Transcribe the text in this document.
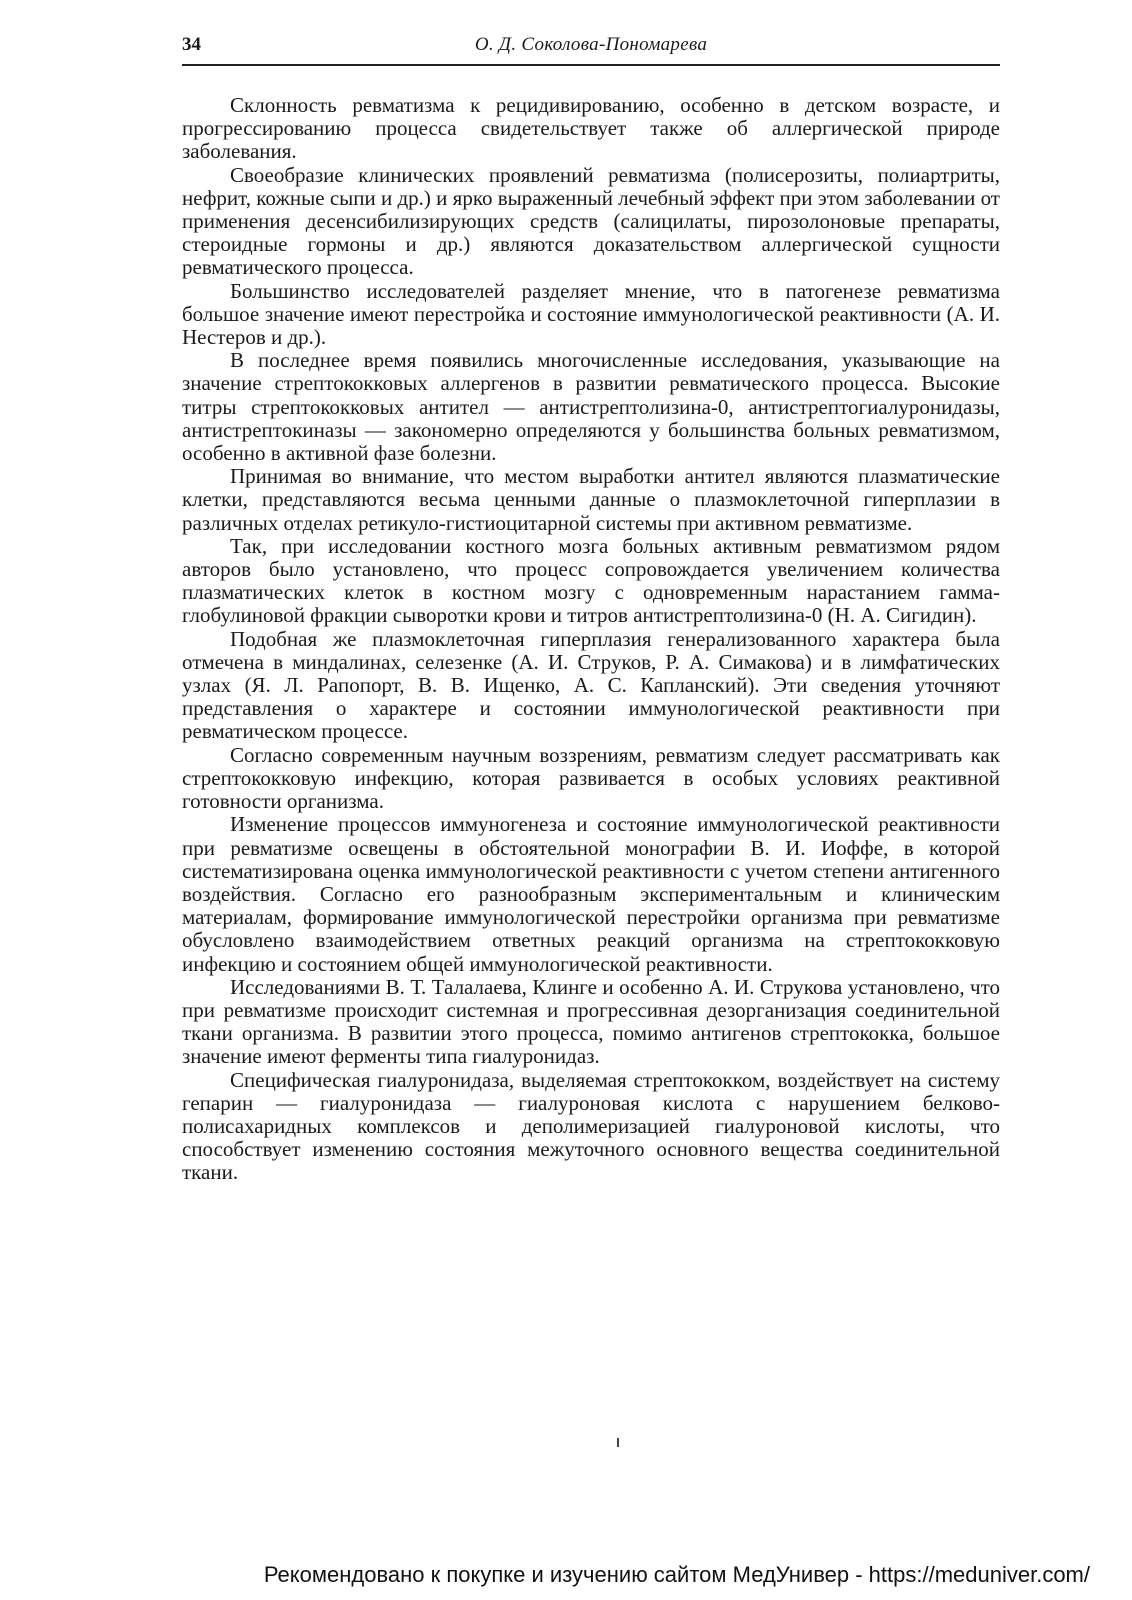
34	О. Д. Соколова-Пономарева

Склонность ревматизма к рецидивированию, особенно в детском возрасте, и прогрессированию процесса свидетельствует также об аллергической природе заболевания.

Своеобразие клинических проявлений ревматизма (полисерозиты, полиартриты, нефрит, кожные сыпи и др.) и ярко выраженный лечебный эффект при этом заболевании от применения десенсибилизирующих средств (салицилаты, пирозолоновые препараты, стероидные гормоны и др.) являются доказательством аллергической сущности ревматического процесса.

Большинство исследователей разделяет мнение, что в патогенезе ревматизма большое значение имеют перестройка и состояние иммунологической реактивности (А. И. Нестеров и др.).

В последнее время появились многочисленные исследования, указывающие на значение стрептококковых аллергенов в развитии ревматического процесса. Высокие титры стрептококковых антител — антистрептолизина-0, антистрептогиалуронидазы, антистрептокиназы — закономерно определяются у большинства больных ревматизмом, особенно в активной фазе болезни.

Принимая во внимание, что местом выработки антител являются плазматические клетки, представляются весьма ценными данные о плазмоклеточной гиперплазии в различных отделах ретикуло-гистиоцитарной системы при активном ревматизме.

Так, при исследовании костного мозга больных активным ревматизмом рядом авторов было установлено, что процесс сопровождается увеличением количества плазматических клеток в костном мозгу с одновременным нарастанием гамма-глобулиновой фракции сыворотки крови и титров антистрептолизина-0 (Н. А. Сигидин).

Подобная же плазмоклеточная гиперплазия генерализованного характера была отмечена в миндалинах, селезенке (А. И. Струков, Р. А. Симакова) и в лимфатических узлах (Я. Л. Рапопорт, В. В. Ищенко, А. С. Капланский). Эти сведения уточняют представления о характере и состоянии иммунологической реактивности при ревматическом процессе.

Согласно современным научным воззрениям, ревматизм следует рассматривать как стрептококковую инфекцию, которая развивается в особых условиях реактивной готовности организма.

Изменение процессов иммуногенеза и состояние иммунологической реактивности при ревматизме освещены в обстоятельной монографии В. И. Иоффе, в которой систематизирована оценка иммунологической реактивности с учетом степени антигенного воздействия. Согласно его разнообразным экспериментальным и клиническим материалам, формирование иммунологической перестройки организма при ревматизме обусловлено взаимодействием ответных реакций организма на стрептококковую инфекцию и состоянием общей иммунологической реактивности.

Исследованиями В. Т. Талалаева, Клинге и особенно А. И. Струкова установлено, что при ревматизме происходит системная и прогрессивная дезорганизация соединительной ткани организма. В развитии этого процесса, помимо антигенов стрептококка, большое значение имеют ферменты типа гиалуронидаз.

Специфическая гиалуронидаза, выделяемая стрептококком, воздействует на систему гепарин — гиалуронидаза — гиалуроновая кислота с нарушением белково-полисахаридных комплексов и деполимеризацией гиалуроновой кислоты, что способствует изменению состояния межуточного основного вещества соединительной ткани.

Рекомендовано к покупке и изучению сайтом МедУнивер - https://meduniver.com/
